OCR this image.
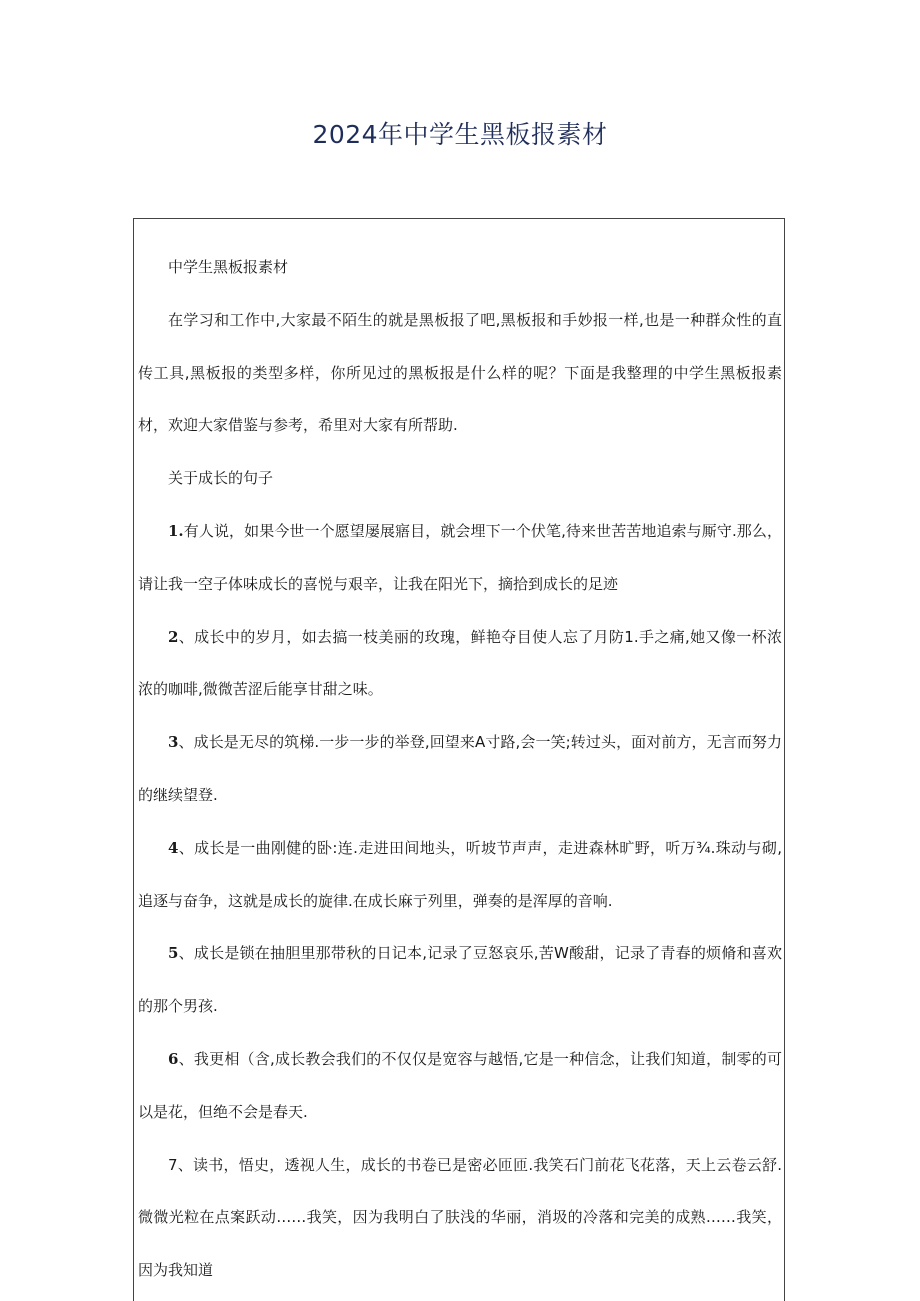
2024年中学生黑板报素材

中学生黑板报素材

在学习和工作中,大家最不陌生的就是黑板报了吧,黑板报和手妙报一样,也是一种群众性的直传工具,黑板报的类型多样，你所见过的黑板报是什么样的呢？下面是我整理的中学生黑板报素材，欢迎大家借鉴与参考，希里对大家有所帮助.

关于成长的句子

1.有人说，如果今世一个愿望屡展寤目，就会埋下一个伏笔,待来世苦苦地追索与厮守.那么，请让我一空子体味成长的喜悦与艰辛，让我在阳光下，摘拾到成长的足迹

2、成长中的岁月，如去搞一枝美丽的玫瑰，鲜艳夺目使人忘了月防1.手之痛,她又像一杯浓浓的咖啡,微微苦涩后能享甘甜之味。

3、成长是无尽的筑梯.一步一步的举登,回望来A寸路,会一笑;转过头，面对前方，无言而努力的继续望登.

4、成长是一曲刚健的卧:连.走进田间地头，听坡节声声，走进森林旷野，听万¾.珠动与砌,追逐与奋争，这就是成长的旋律.在成长麻亍列里，弹奏的是浑厚的音响.

5、成长是锁在抽胆里那带秋的日记本,记录了豆怒哀乐,苦W酸甜，记录了青春的烦脩和喜欢的那个男孩.

6、我更相（含,成长教会我们的不仅仅是宽容与越悟,它是一种信念，让我们知道，制零的可以是花，但绝不会是春天.

7、读书，悟史，透视人生，成长的书卷已是密必匝匝.我笑石门前花飞花落，天上云卷云舒.微微光粒在点案跃动……我笑，因为我明白了肤浅的华丽，消圾的冷落和完美的成熟……我笑，因为我知道
